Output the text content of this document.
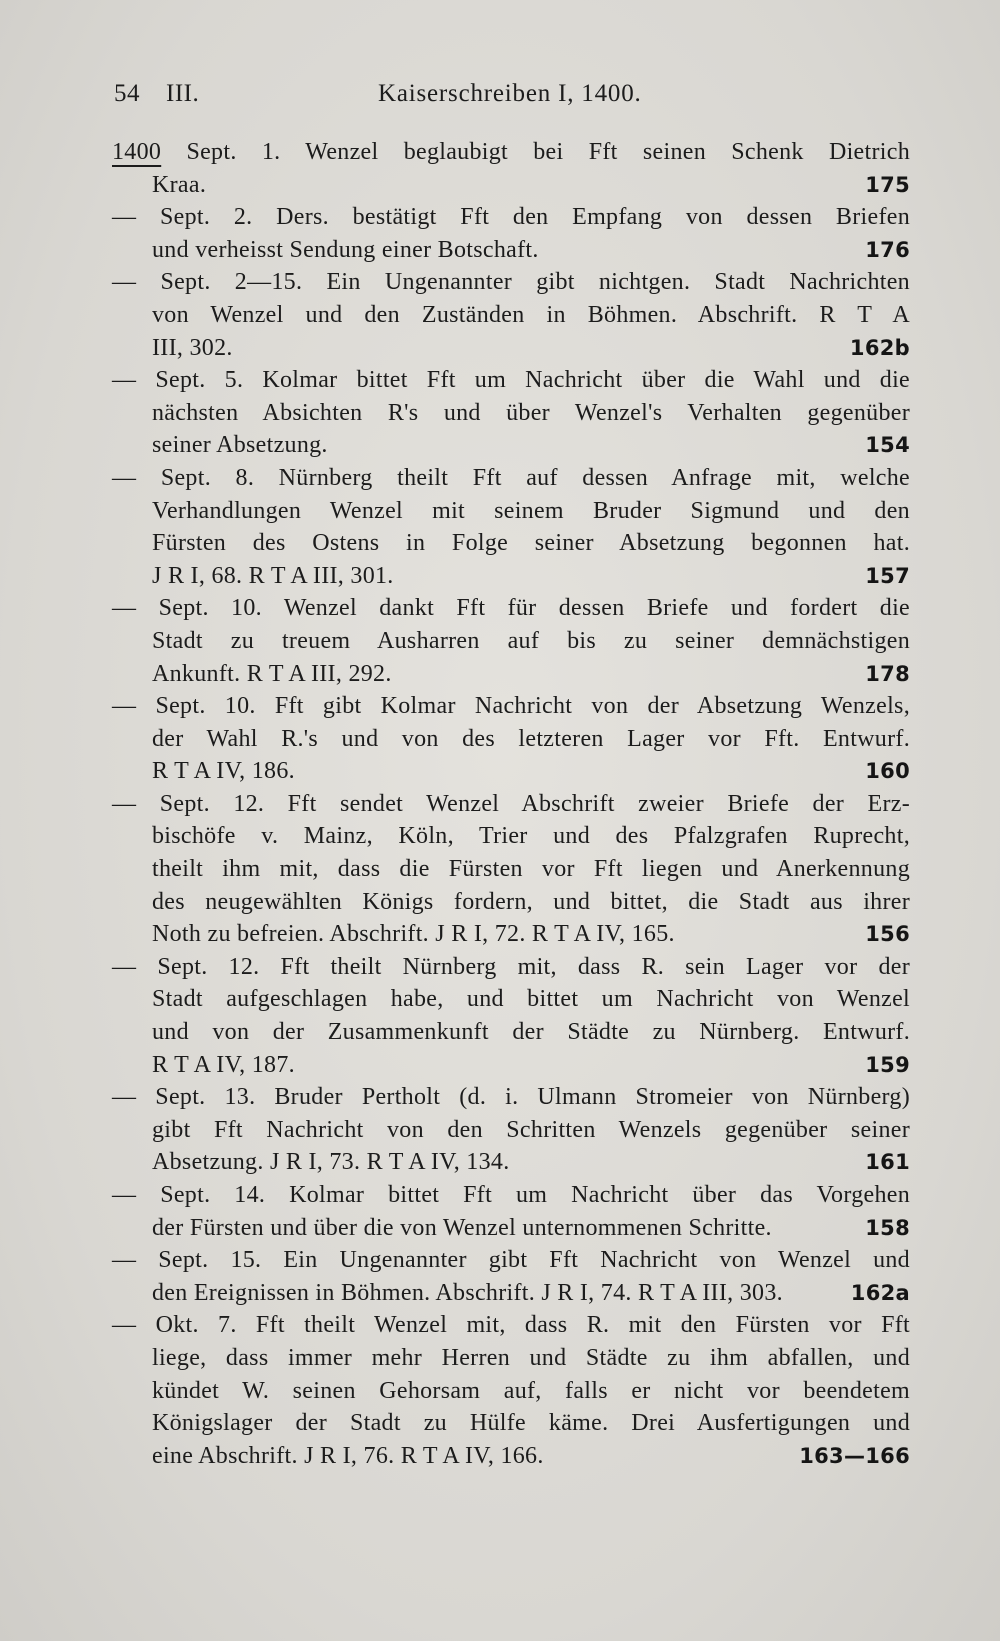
54 III.	Kaiserschreiben I, 1400.
1400 Sept. 1. Wenzel beglaubigt bei Fft seinen Schenk Dietrich
Kraa.	175
— Sept. 2. Ders. bestätigt Fft den Empfang von dessen Briefen
und verheisst Sendung einer Botschaft.	176
— Sept. 2—15. Ein Ungenannter gibt nichtgen. Stadt Nachrichten
von Wenzel und den Zuständen in Böhmen. Abschrift. R T A
III, 302.	162b
— Sept. 5. Kolmar bittet Fft um Nachricht über die Wahl und die
nächsten Absichten R's und über Wenzel's Verhalten gegenüber
seiner Absetzung.	154
— Sept. 8. Nürnberg theilt Fft auf dessen Anfrage mit, welche
Verhandlungen Wenzel mit seinem Bruder Sigmund und den
Fürsten des Ostens in Folge seiner Absetzung begonnen hat.
J R I, 68. R T A III, 301.	157
— Sept. 10. Wenzel dankt Fft für dessen Briefe und fordert die
Stadt zu treuem Ausharren auf bis zu seiner demnächstigen
Ankunft. R T A III, 292.	178
— Sept. 10. Fft gibt Kolmar Nachricht von der Absetzung Wenzels,
der Wahl R.'s und von des letzteren Lager vor Fft. Entwurf.
R T A IV, 186.	160
— Sept. 12. Fft sendet Wenzel Abschrift zweier Briefe der Erz-
bischöfe v. Mainz, Köln, Trier und des Pfalzgrafen Ruprecht,
theilt ihm mit, dass die Fürsten vor Fft liegen und Anerkennung
des neugewählten Königs fordern, und bittet, die Stadt aus ihrer
Noth zu befreien. Abschrift. J R I, 72. R T A IV, 165.	156
— Sept. 12. Fft theilt Nürnberg mit, dass R. sein Lager vor der
Stadt aufgeschlagen habe, und bittet um Nachricht von Wenzel
und von der Zusammenkunft der Städte zu Nürnberg. Entwurf.
R T A IV, 187.	159
— Sept. 13. Bruder Pertholt (d. i. Ulmann Stromeier von Nürnberg)
gibt Fft Nachricht von den Schritten Wenzels gegenüber seiner
Absetzung. J R I, 73. R T A IV, 134.	161
— Sept. 14. Kolmar bittet Fft um Nachricht über das Vorgehen
der Fürsten und über die von Wenzel unternommenen Schritte.	158
— Sept. 15. Ein Ungenannter gibt Fft Nachricht von Wenzel und
den Ereignissen in Böhmen. Abschrift. J R I, 74. R T A III, 303.	162a
— Okt. 7. Fft theilt Wenzel mit, dass R. mit den Fürsten vor Fft
liege, dass immer mehr Herren und Städte zu ihm abfallen, und
kündet W. seinen Gehorsam auf, falls er nicht vor beendetem
Königslager der Stadt zu Hülfe käme. Drei Ausfertigungen und
eine Abschrift. J R I, 76. R T A IV, 166.	163—166
